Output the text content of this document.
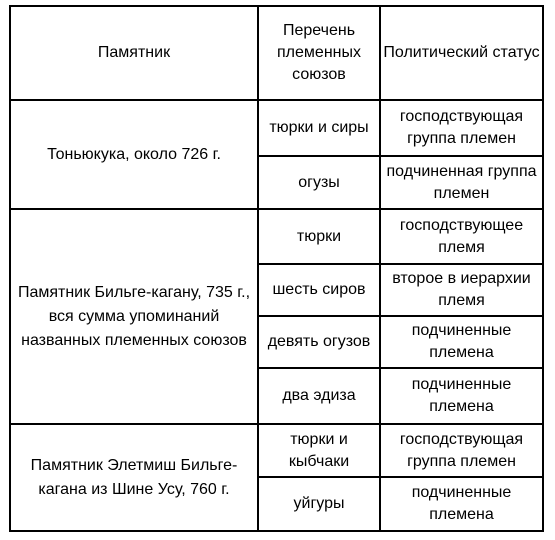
Памятник	Перечень племенных союзов	Политический статус
Тоньюкука, около 726 г.	тюрки и сиры	господствующая группа племен
	огузы	подчиненная группа племен
Памятник Бильге-кагану, 735 г., вся сумма упоминаний названных племенных союзов	тюрки	господствующее племя
	шесть сиров	второе в иерархии племя
	девять огузов	подчиненные племена
	два эдиза	подчиненные племена
Памятник Элетмиш Бильге-кагана из Шине Усу, 760 г.	тюрки и кыбчаки	господствующая группа племен
	уйгуры	подчиненные племена
